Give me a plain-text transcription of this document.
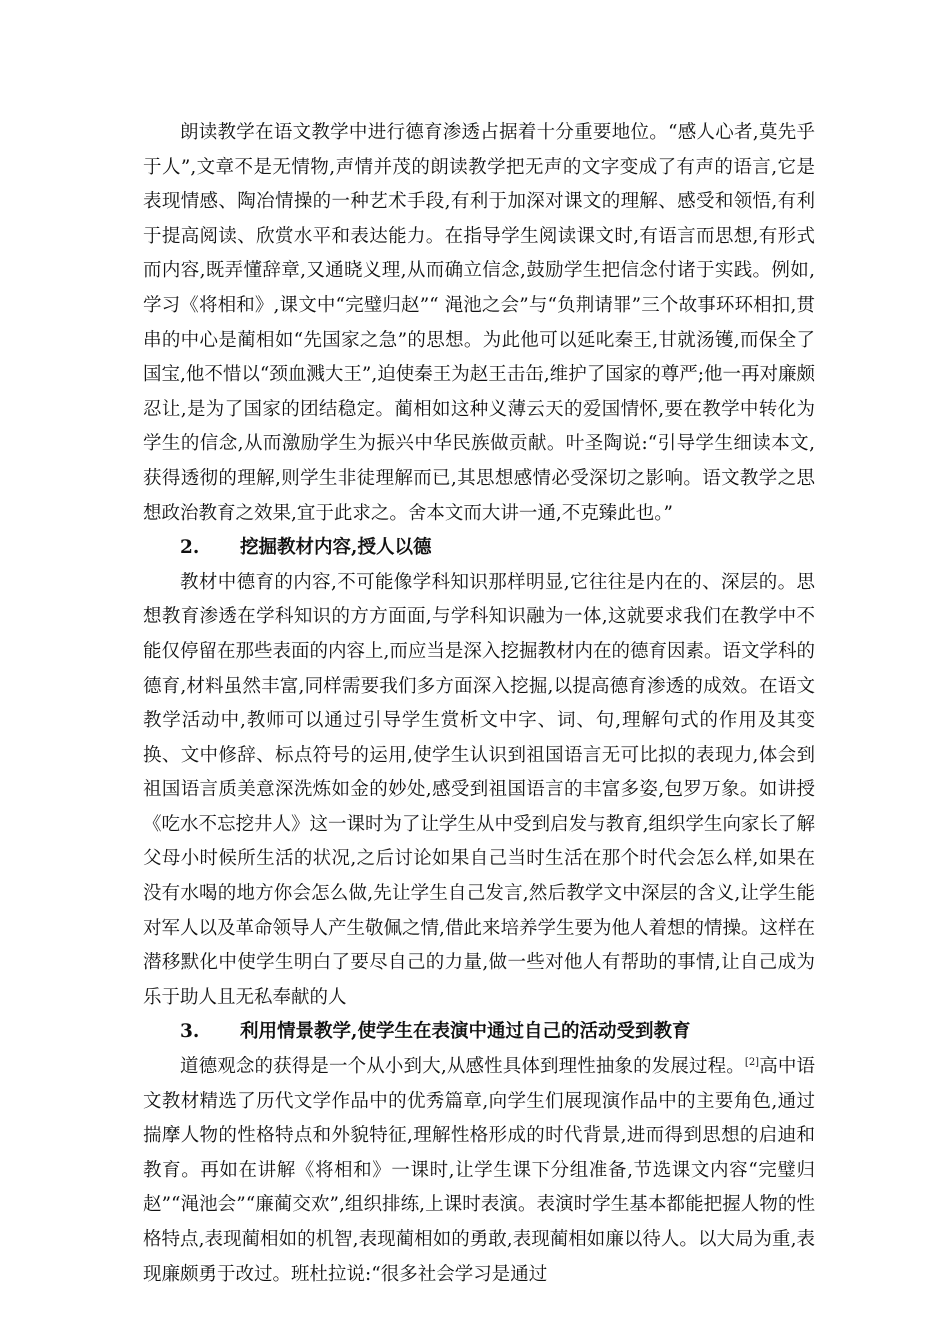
朗读教学在语文教学中进行德育渗透占据着十分重要地位。“感人心者,莫先乎于人”,文章不是无情物,声情并茂的朗读教学把无声的文字变成了有声的语言,它是表现情感、陶冶情操的一种艺术手段,有利于加深对课文的理解、感受和领悟,有利于提高阅读、欣赏水平和表达能力。在指导学生阅读课文时,有语言而思想,有形式而内容,既弄懂辞章,又通晓义理,从而确立信念,鼓励学生把信念付诸于实践。例如,学习《将相和》,课文中“完璧归赵”“ 渑池之会”与“负荆请罪”三个故事环环相扣,贯串的中心是蔺相如“先国家之急”的思想。为此他可以延叱秦王,甘就汤镬,而保全了国宝,他不惜以“颈血溅大王”,迫使秦王为赵王击缶,维护了国家的尊严;他一再对廉颇忍让,是为了国家的团结稳定。蔺相如这种义薄云天的爱国情怀,要在教学中转化为学生的信念,从而激励学生为振兴中华民族做贡献。叶圣陶说:“引导学生细读本文,获得透彻的理解,则学生非徒理解而已,其思想感情必受深切之影响。语文教学之思想政治教育之效果,宜于此求之。舍本文而大讲一通,不克臻此也。”

2.	挖掘教材内容,授人以德

教材中德育的内容,不可能像学科知识那样明显,它往往是内在的、深层的。思想教育渗透在学科知识的方方面面,与学科知识融为一体,这就要求我们在教学中不能仅停留在那些表面的内容上,而应当是深入挖掘教材内在的德育因素。语文学科的德育,材料虽然丰富,同样需要我们多方面深入挖掘,以提高德育渗透的成效。在语文教学活动中,教师可以通过引导学生赏析文中字、词、句,理解句式的作用及其变换、文中修辞、标点符号的运用,使学生认识到祖国语言无可比拟的表现力,体会到祖国语言质美意深洗炼如金的妙处,感受到祖国语言的丰富多姿,包罗万象。如讲授《吃水不忘挖井人》这一课时为了让学生从中受到启发与教育,组织学生向家长了解父母小时候所生活的状况,之后讨论如果自己当时生活在那个时代会怎么样,如果在没有水喝的地方你会怎么做,先让学生自己发言,然后教学文中深层的含义,让学生能对军人以及革命领导人产生敬佩之情,借此来培养学生要为他人着想的情操。这样在潜移默化中使学生明白了要尽自己的力量,做一些对他人有帮助的事情,让自己成为乐于助人且无私奉献的人

3.	利用情景教学,使学生在表演中通过自己的活动受到教育

道德观念的获得是一个从小到大,从感性具体到理性抽象的发展过程。[2]高中语文教材精选了历代文学作品中的优秀篇章,向学生们展现演作品中的主要角色,通过揣摩人物的性格特点和外貌特征,理解性格形成的时代背景,进而得到思想的启迪和教育。再如在讲解《将相和》一课时,让学生课下分组准备,节选课文内容“完璧归赵”“渑池会”“廉蔺交欢”,组织排练,上课时表演。表演时学生基本都能把握人物的性格特点,表现蔺相如的机智,表现蔺相如的勇敢,表现蔺相如廉以待人。以大局为重,表现廉颇勇于改过。班杜拉说:“很多社会学习是通过
